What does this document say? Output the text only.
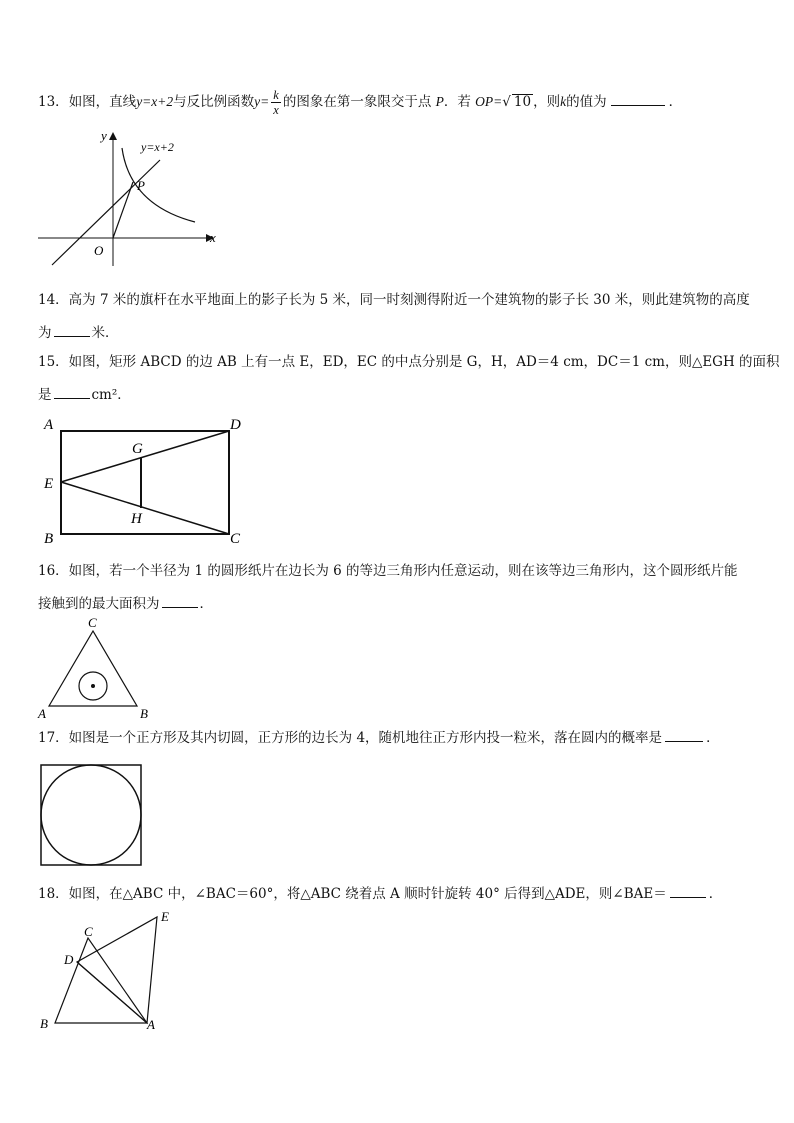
13．如图，直线y=x+2与反比例函数$y= \frac{k}{x}$ 的图象在第一象限交于点 P．若 OP=√ 10 ，则k的值为	．
y
x
O
P
y=x+2
14．高为 7 米的旗杆在水平地面上的影子长为 5 米，同一时刻测得附近一个建筑物的影子长 30 米，则此建筑物的高度
为	米．
15．如图，矩形 ABCD 的边 AB 上有一点 E，ED，EC 的中点分别是 G，H，AD＝4 cm，DC＝1 cm，则△EGH 的面积
是	cm²．
A	D
E
B	C
G
H
16．如图，若一个半径为 1 的圆形纸片在边长为 6 的等边三角形内任意运动，则在该等边三角形内，这个圆形纸片能
接触到的最大面积为	．
C
A	B
17．如图是一个正方形及其内切圆，正方形的边长为 4，随机地往正方形内投一粒米，落在圆内的概率是	．
18．如图，在△ABC 中，∠BAC＝60°，将△ABC 绕着点 A 顺时针旋转 40° 后得到△ADE，则∠BAE＝	．
C
D
E
B	A
